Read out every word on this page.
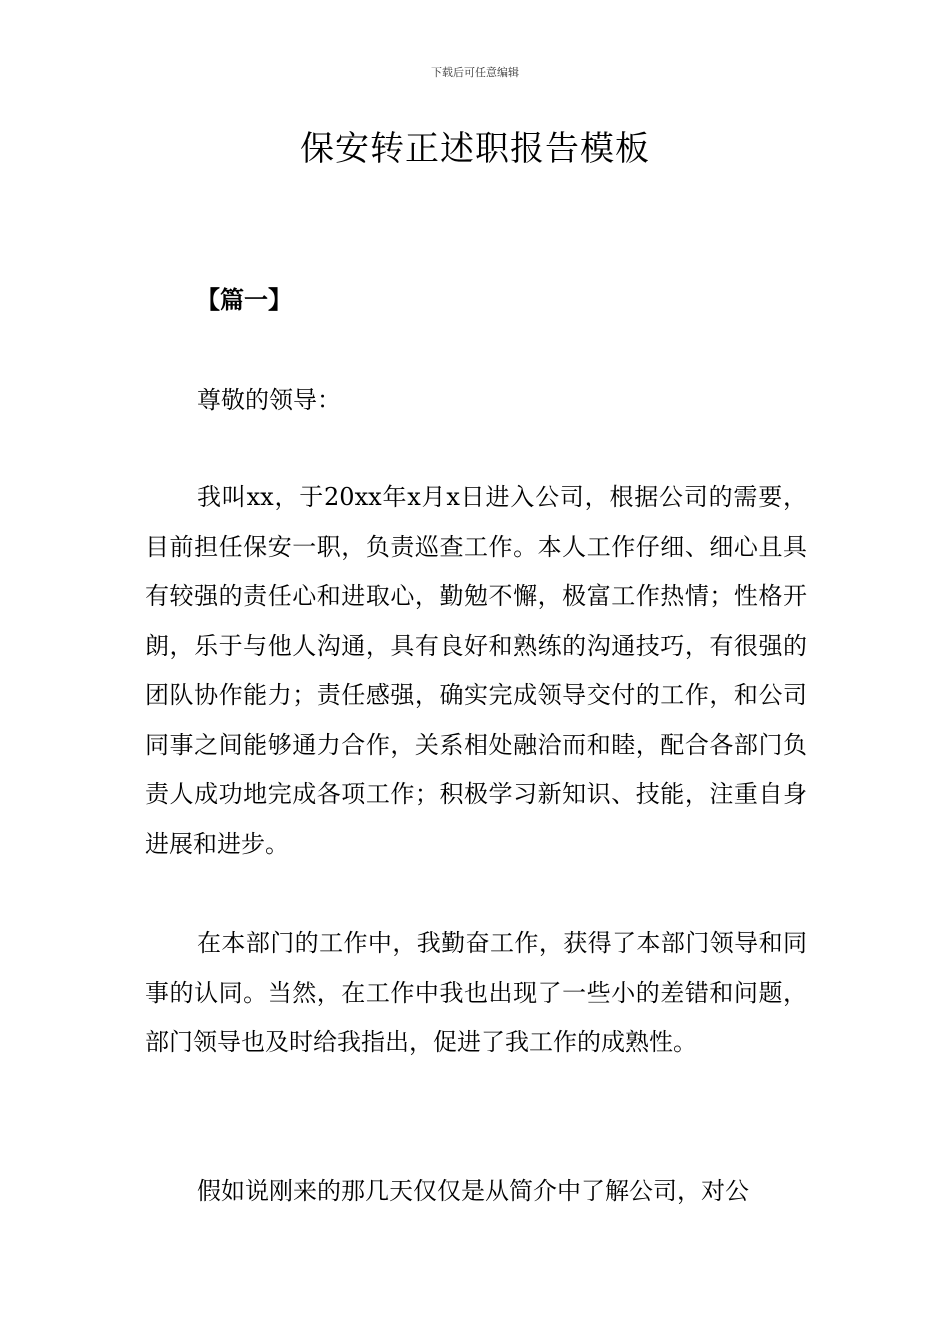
下载后可任意编辑
保安转正述职报告模板
【篇一】

尊敬的领导：

我叫xx，于20xx年x月x日进入公司，根据公司的需要，目前担任保安一职，负责巡查工作。本人工作仔细、细心且具有较强的责任心和进取心，勤勉不懈，极富工作热情；性格开朗，乐于与他人沟通，具有良好和熟练的沟通技巧，有很强的团队协作能力；责任感强，确实完成领导交付的工作，和公司同事之间能够通力合作，关系相处融洽而和睦，配合各部门负责人成功地完成各项工作；积极学习新知识、技能，注重自身进展和进步。

在本部门的工作中，我勤奋工作，获得了本部门领导和同事的认同。当然，在工作中我也出现了一些小的差错和问题，部门领导也及时给我指出，促进了我工作的成熟性。

假如说刚来的那几天仅仅是从简介中了解公司，对公
